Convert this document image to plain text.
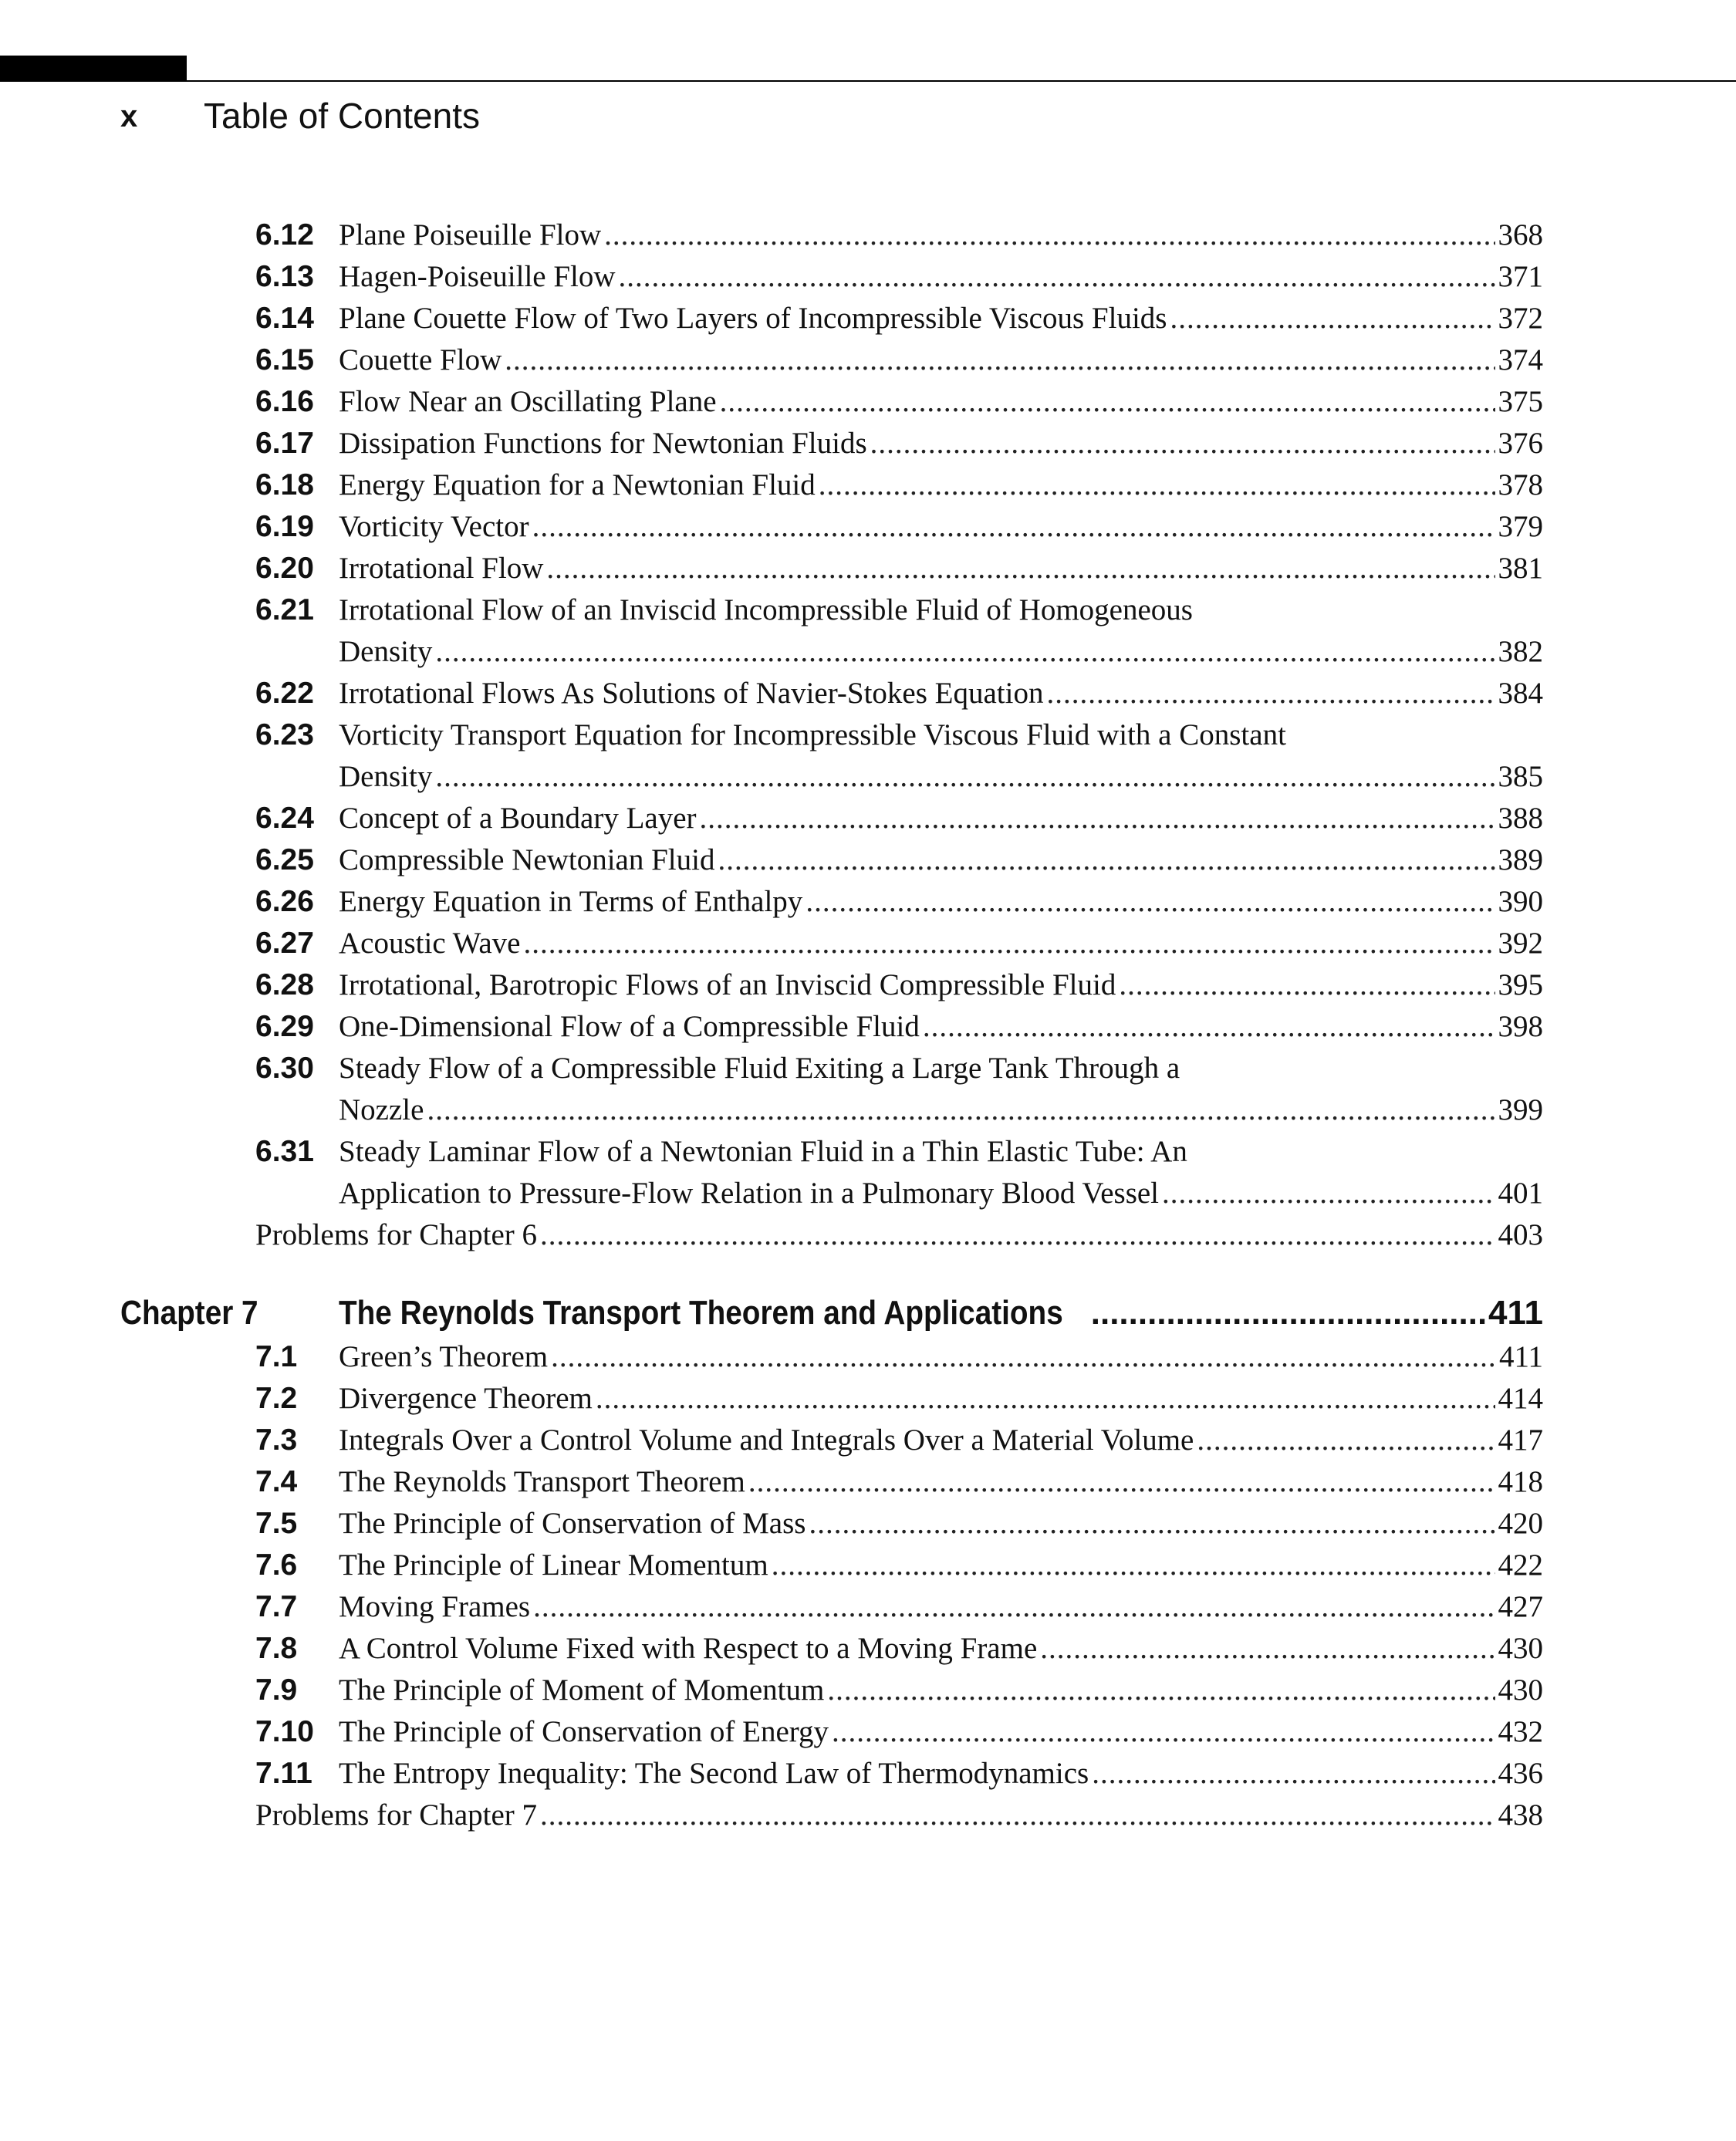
x Table of Contents
6.12 Plane Poiseuille Flow .....	368
6.13 Hagen-Poiseuille Flow .....	371
6.14 Plane Couette Flow of Two Layers of Incompressible Viscous Fluids .....	372
6.15 Couette Flow .....	374
6.16 Flow Near an Oscillating Plane .....	375
6.17 Dissipation Functions for Newtonian Fluids .....	376
6.18 Energy Equation for a Newtonian Fluid .....	378
6.19 Vorticity Vector .....	379
6.20 Irrotational Flow .....	381
6.21 Irrotational Flow of an Inviscid Incompressible Fluid of Homogeneous
Density .....	382
6.22 Irrotational Flows As Solutions of Navier-Stokes Equation .....	384
6.23 Vorticity Transport Equation for Incompressible Viscous Fluid with a Constant
Density .....	385
6.24 Concept of a Boundary Layer .....	388
6.25 Compressible Newtonian Fluid .....	389
6.26 Energy Equation in Terms of Enthalpy .....	390
6.27 Acoustic Wave .....	392
6.28 Irrotational, Barotropic Flows of an Inviscid Compressible Fluid .....	395
6.29 One-Dimensional Flow of a Compressible Fluid .....	398
6.30 Steady Flow of a Compressible Fluid Exiting a Large Tank Through a
Nozzle .....	399
6.31 Steady Laminar Flow of a Newtonian Fluid in a Thin Elastic Tube: An
Application to Pressure-Flow Relation in a Pulmonary Blood Vessel .....	401
Problems for Chapter 6 .....	403
Chapter 7 The Reynolds Transport Theorem and Applications .....	411
7.1 Green’s Theorem .....	411
7.2 Divergence Theorem .....	414
7.3 Integrals Over a Control Volume and Integrals Over a Material Volume .....	417
7.4 The Reynolds Transport Theorem .....	418
7.5 The Principle of Conservation of Mass .....	420
7.6 The Principle of Linear Momentum .....	422
7.7 Moving Frames .....	427
7.8 A Control Volume Fixed with Respect to a Moving Frame .....	430
7.9 The Principle of Moment of Momentum .....	430
7.10 The Principle of Conservation of Energy .....	432
7.11 The Entropy Inequality: The Second Law of Thermodynamics .....	436
Problems for Chapter 7 .....	438
